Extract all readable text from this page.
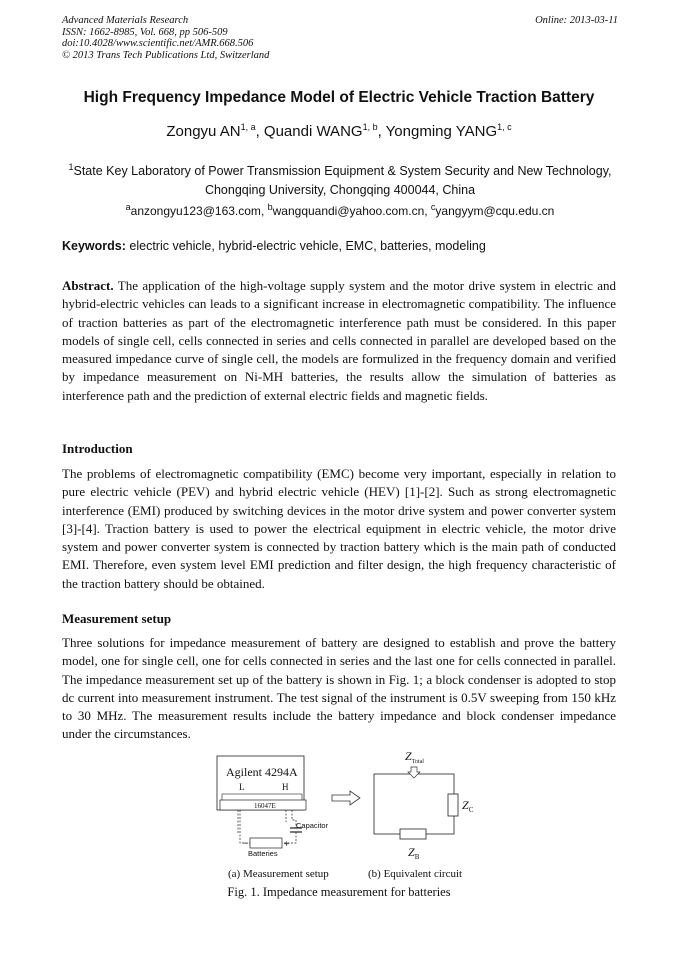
Advanced Materials Research
ISSN: 1662-8985, Vol. 668, pp 506-509
doi:10.4028/www.scientific.net/AMR.668.506
© 2013 Trans Tech Publications Ltd, Switzerland
Online: 2013-03-11
High Frequency Impedance Model of Electric Vehicle Traction Battery
Zongyu AN$^{1, a}$, Quandi WANG$^{1, b}$, Yongming YANG$^{1, c}$
$^1$State Key Laboratory of Power Transmission Equipment & System Security and New Technology,
Chongqing University, Chongqing 400044, China
$^a$anzongyu123@163.com, $^b$wangquandi@yahoo.com.cn, $^c$yangyym@cqu.edu.cn
Keywords: electric vehicle, hybrid-electric vehicle, EMC, batteries, modeling
Abstract. The application of the high-voltage supply system and the motor drive system in electric and hybrid-electric vehicles can leads to a significant increase in electromagnetic compatibility. The influence of traction batteries as part of the electromagnetic interference path must be considered. In this paper models of single cell, cells connected in series and cells connected in parallel are developed based on the measured impedance curve of single cell, the models are formulized in the frequency domain and verified by impedance measurement on Ni-MH batteries, the results allow the simulation of batteries as interference path and the prediction of external electric fields and magnetic fields.
Introduction
The problems of electromagnetic compatibility (EMC) become very important, especially in relation to pure electric vehicle (PEV) and hybrid electric vehicle (HEV) [1]-[2]. Such as strong electromagnetic interference (EMI) produced by switching devices in the motor drive system and power converter system [3]-[4]. Traction battery is used to power the electrical equipment in electric vehicle, the motor drive system and power converter system is connected by traction battery which is the main path of conducted EMI. Therefore, even system level EMI prediction and filter design, the high frequency characteristic of the traction battery should be obtained.
Measurement setup
Three solutions for impedance measurement of battery are designed to establish and prove the battery model, one for single cell, one for cells connected in series and the last one for cells connected in parallel. The impedance measurement set up of the battery is shown in Fig. 1; a block condenser is adopted to stop dc current into measurement instrument. The test signal of the instrument is 0.5V sweeping from 150 kHz to 30 MHz. The measurement results include the battery impedance and block condenser impedance under the circumstances.
Agilent 4294A
L	H
16047E
Capacitor
−	+
Batteries
$Z_{Total}$
$Z_C$
$Z_B$
(a) Measurement setup	(b) Equivalent circuit
Fig. 1. Impedance measurement for batteries
